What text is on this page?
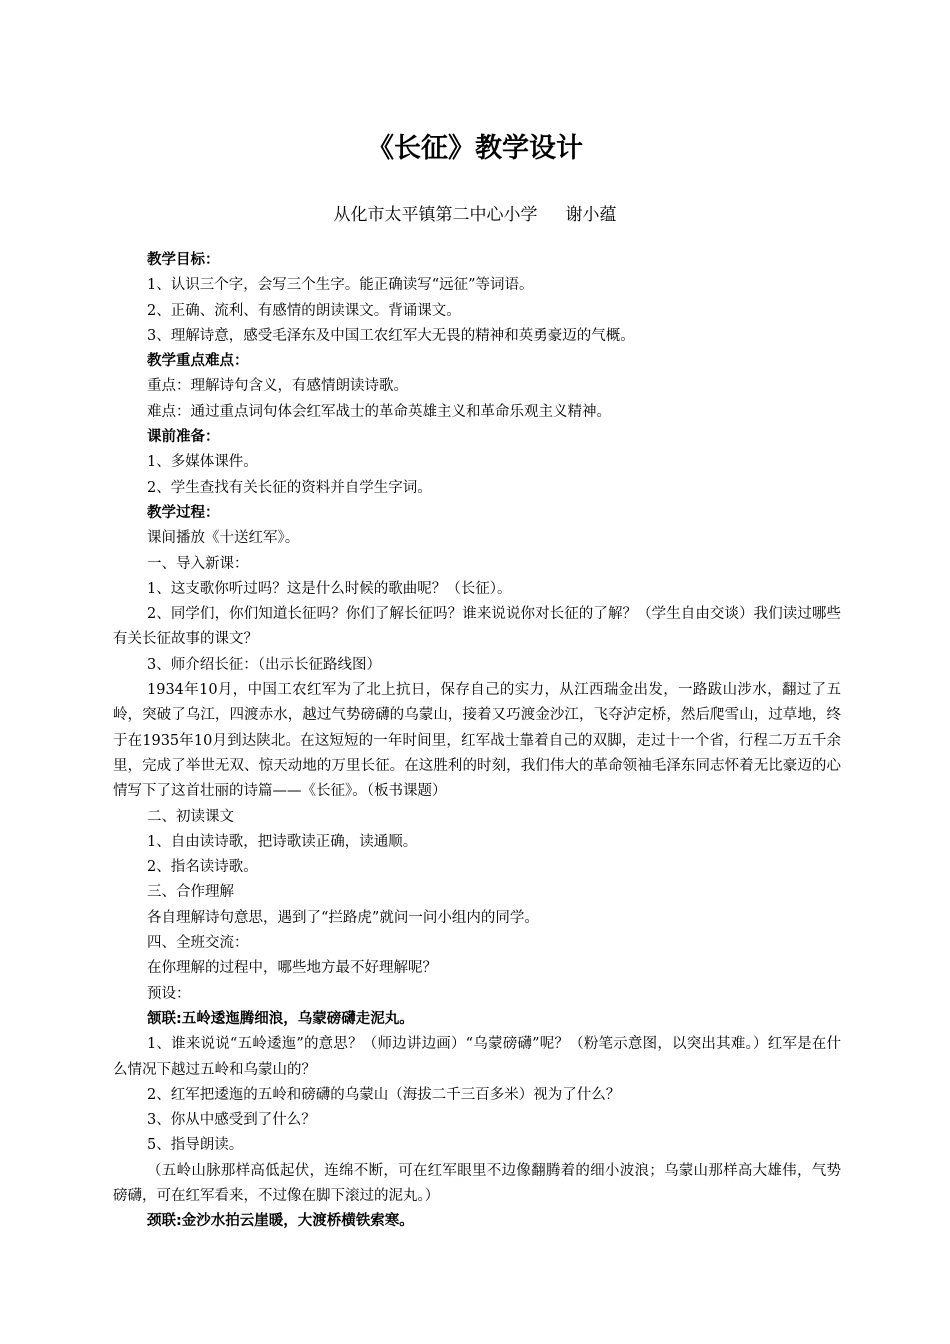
《长征》教学设计
从化市太平镇第二中心小学 谢小蕴

教学目标：

1、认识三个字，会写三个生字。能正确读写“远征”等词语。

2、正确、流利、有感情的朗读课文。背诵课文。

3、理解诗意，感受毛泽东及中国工农红军大无畏的精神和英勇豪迈的气概。

教学重点难点：

重点：理解诗句含义，有感情朗读诗歌。

难点：通过重点词句体会红军战士的革命英雄主义和革命乐观主义精神。

课前准备：

1、多媒体课件。

2、学生查找有关长征的资料并自学生字词。

教学过程：

课间播放《十送红军》。

一、导入新课：

1、这支歌你听过吗？这是什么时候的歌曲呢？（长征）。

2、同学们，你们知道长征吗？你们了解长征吗？谁来说说你对长征的了解？（学生自由交谈）我们读过哪些有关长征故事的课文？

3、师介绍长征：（出示长征路线图）

1934年10月，中国工农红军为了北上抗日，保存自己的实力，从江西瑞金出发，一路跋山涉水，翻过了五岭，突破了乌江，四渡赤水，越过气势磅礴的乌蒙山，接着又巧渡金沙江，飞夺泸定桥，然后爬雪山，过草地，终于在1935年10月到达陕北。在这短短的一年时间里，红军战士靠着自己的双脚，走过十一个省，行程二万五千余里，完成了举世无双、惊天动地的万里长征。在这胜利的时刻，我们伟大的革命领袖毛泽东同志怀着无比豪迈的心情写下了这首壮丽的诗篇——《长征》。（板书课题）

二、初读课文

1、自由读诗歌，把诗歌读正确，读通顺。

2、指名读诗歌。

三、合作理解

各自理解诗句意思，遇到了“拦路虎”就问一问小组内的同学。

四、全班交流：

在你理解的过程中，哪些地方最不好理解呢？

预设：

颔联:五岭逶迤腾细浪，乌蒙磅礴走泥丸。

1、谁来说说“五岭逶迤”的意思？（师边讲边画）“乌蒙磅礴”呢？（粉笔示意图，以突出其难。）红军是在什么情况下越过五岭和乌蒙山的？

2、红军把逶迤的五岭和磅礴的乌蒙山（海拔二千三百多米）视为了什么？

3、你从中感受到了什么？

5、指导朗读。

（五岭山脉那样高低起伏，连绵不断，可在红军眼里不边像翻腾着的细小波浪；乌蒙山那样高大雄伟，气势磅礴，可在红军看来，不过像在脚下滚过的泥丸。）

颈联:金沙水拍云崖暖，大渡桥横铁索寒。
